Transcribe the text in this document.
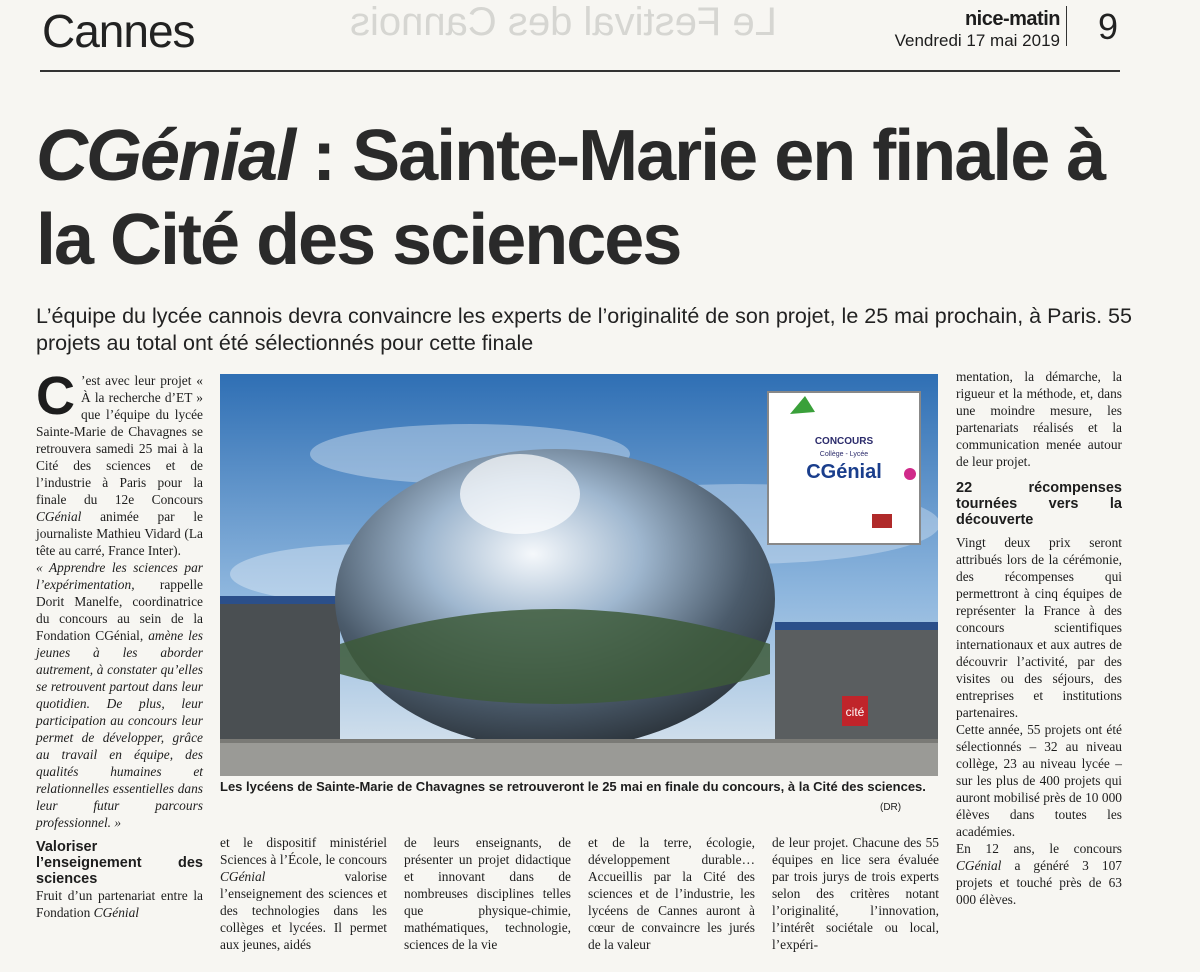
Le Festival des Cannois
Cannes	nice-matin
Vendredi 17 mai 2019 9
CGénial : Sainte-Marie en finale à la Cité des sciences
L’équipe du lycée cannois devra convaincre les experts de l’originalité de son projet, le 25 mai prochain, à Paris. 55 projets au total ont été sélectionnés pour cette finale

C ’est avec leur projet « À la recherche d’ET » que l’équipe du lycée Sainte-Marie de Chavagnes se retrouvera samedi 25 mai à la Cité des sciences et de l’industrie à Paris pour la finale du 12e Concours CGénial animée par le journaliste Mathieu Vidard (La tête au carré, France Inter).

« Apprendre les sciences par l’expérimentation, rappelle Dorit Manelfe, coordinatrice du concours au sein de la Fondation CGénial, amène les jeunes à les aborder autrement, à constater qu’elles se retrouvent partout dans leur quotidien. De plus, leur participation au concours leur permet de développer, grâce au travail en équipe, des qualités humaines et relationnelles essentielles dans leur futur parcours professionnel. »

Valoriser l’enseignement des sciences

Fruit d’un partenariat entre la Fondation CGénial

cité
CONCOURS
Collège - Lycée
CGénial
Les lycéens de Sainte-Marie de Chavagnes se retrouveront le 25 mai en finale du concours, à la Cité des sciences.
(DR)

et le dispositif ministériel Sciences à l’École, le concours CGénial valorise l’enseignement des sciences et des technologies dans les collèges et lycées. Il permet aux jeunes, aidés

de leurs enseignants, de présenter un projet didactique et innovant dans de nombreuses disciplines telles que physique-chimie, mathématiques, technologie, sciences de la vie
et de la terre, écologie, développement durable… Accueillis par la Cité des sciences et de l’industrie, les lycéens de Cannes auront à cœur de convaincre les jurés de la valeur
de leur projet. Chacune des 55 équipes en lice sera évaluée par trois jurys de trois experts selon des critères notant l’originalité, l’innovation, l’intérêt sociétale ou local, l’expéri-

mentation, la démarche, la rigueur et la méthode, et, dans une moindre mesure, les partenariats réalisés et la communication menée autour de leur projet.

22 récompenses tournées vers la découverte

Vingt deux prix seront attribués lors de la cérémonie, des récompenses qui permettront à cinq équipes de représenter la France à des concours scientifiques internationaux et aux autres de découvrir l’activité, par des visites ou des séjours, des entreprises et institutions partenaires.

Cette année, 55 projets ont été sélectionnés – 32 au niveau collège, 23 au niveau lycée – sur les plus de 400 projets qui auront mobilisé près de 10 000 élèves dans toutes les académies.

En 12 ans, le concours CGénial a généré 3 107 projets et touché près de 63 000 élèves.
